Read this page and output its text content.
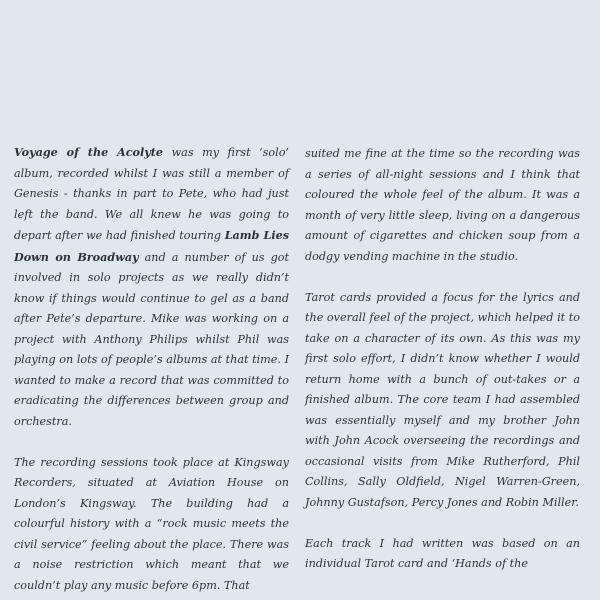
Voyage of the Acolyte was my first ‘solo’ album, recorded whilst I was still a member of Genesis - thanks in part to Pete, who had just left the band. We all knew he was going to depart after we had finished touring Lamb Lies Down on Broadway and a number of us got involved in solo projects as we really didn’t know if things would continue to gel as a band after Pete’s departure. Mike was working on a project with Anthony Philips whilst Phil was playing on lots of people’s albums at that time. I wanted to make a record that was committed to eradicating the differences between group and orchestra.

The recording sessions took place at Kingsway Recorders, situated at Aviation House on London’s Kingsway. The building had a colourful history with a “rock music meets the civil service” feeling about the place. There was a noise restriction which meant that we couldn’t play any music before 6pm. That

suited me fine at the time so the recording was a series of all-night sessions and I think that coloured the whole feel of the album. It was a month of very little sleep, living on a dangerous amount of cigarettes and chicken soup from a dodgy vending machine in the studio.

Tarot cards provided a focus for the lyrics and the overall feel of the project, which helped it to take on a character of its own. As this was my first solo effort, I didn’t know whether I would return home with a bunch of out-takes or a finished album. The core team I had assembled was essentially myself and my brother John with John Acock overseeing the recordings and occasional visits from Mike Rutherford, Phil Collins, Sally Oldfield, Nigel Warren-Green, Johnny Gustafson, Percy Jones and Robin Miller.

Each track I had written was based on an individual Tarot card and ‘Hands of the
